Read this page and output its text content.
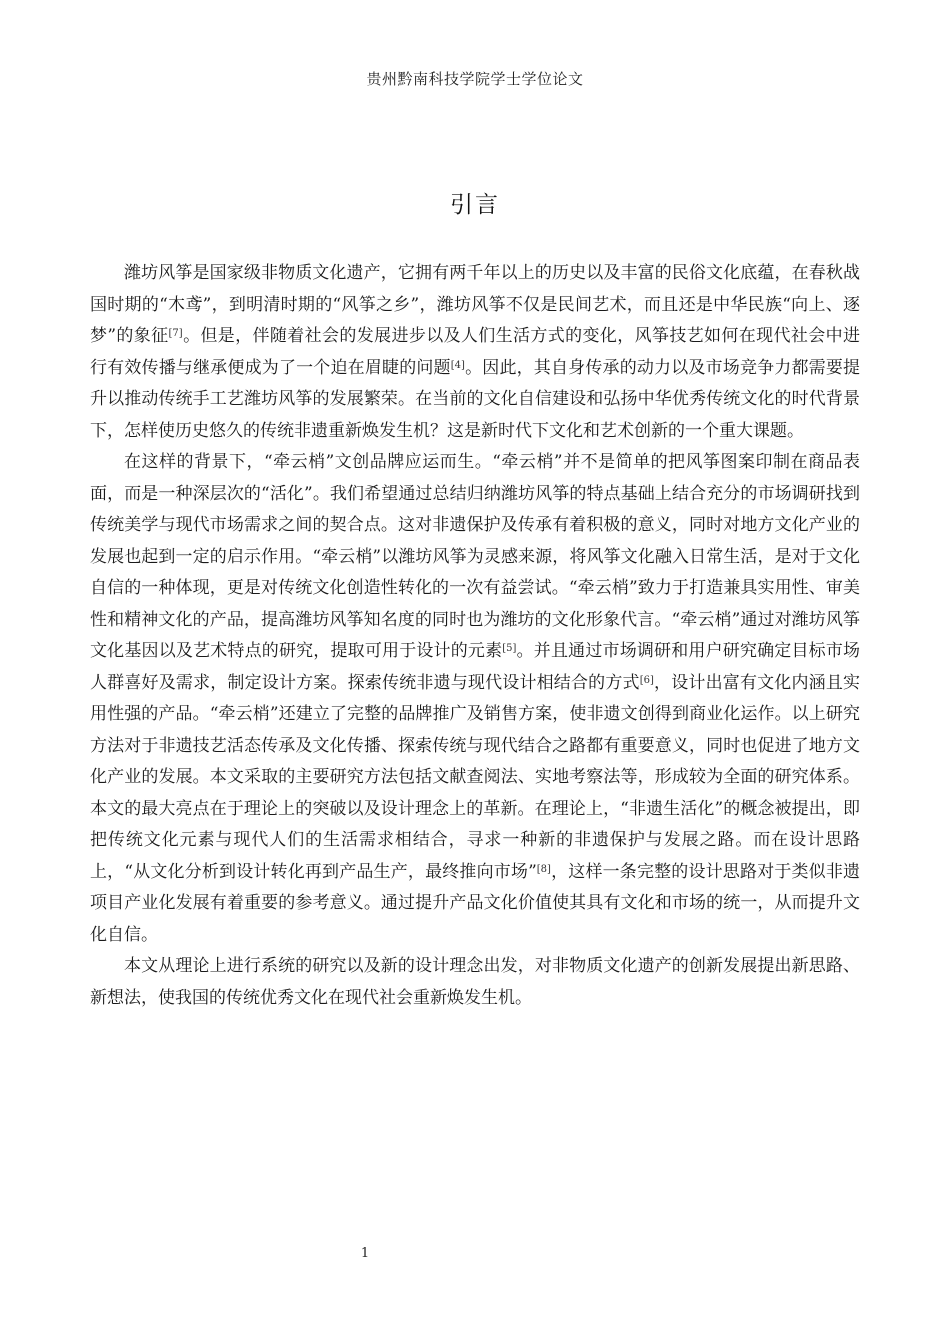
贵州黔南科技学院学士学位论文
引言

潍坊风筝是国家级非物质文化遗产，它拥有两千年以上的历史以及丰富的民俗文化底蕴，在春秋战国时期的“木鸢”，到明清时期的“风筝之乡”，潍坊风筝不仅是民间艺术，而且还是中华民族“向上、逐梦”的象征[7]。但是，伴随着社会的发展进步以及人们生活方式的变化，风筝技艺如何在现代社会中进行有效传播与继承便成为了一个迫在眉睫的问题[4]。因此，其自身传承的动力以及市场竞争力都需要提升以推动传统手工艺潍坊风筝的发展繁荣。在当前的文化自信建设和弘扬中华优秀传统文化的时代背景下，怎样使历史悠久的传统非遗重新焕发生机？这是新时代下文化和艺术创新的一个重大课题。

在这样的背景下，“牵云梢”文创品牌应运而生。“牵云梢”并不是简单的把风筝图案印制在商品表面，而是一种深层次的“活化”。我们希望通过总结归纳潍坊风筝的特点基础上结合充分的市场调研找到传统美学与现代市场需求之间的契合点。这对非遗保护及传承有着积极的意义，同时对地方文化产业的发展也起到一定的启示作用。“牵云梢”以潍坊风筝为灵感来源，将风筝文化融入日常生活，是对于文化自信的一种体现，更是对传统文化创造性转化的一次有益尝试。“牵云梢”致力于打造兼具实用性、审美性和精神文化的产品，提高潍坊风筝知名度的同时也为潍坊的文化形象代言。“牵云梢”通过对潍坊风筝文化基因以及艺术特点的研究，提取可用于设计的元素[5]。并且通过市场调研和用户研究确定目标市场人群喜好及需求，制定设计方案。探索传统非遗与现代设计相结合的方式[6]，设计出富有文化内涵且实用性强的产品。“牵云梢”还建立了完整的品牌推广及销售方案，使非遗文创得到商业化运作。以上研究方法对于非遗技艺活态传承及文化传播、探索传统与现代结合之路都有重要意义，同时也促进了地方文化产业的发展。本文采取的主要研究方法包括文献查阅法、实地考察法等，形成较为全面的研究体系。本文的最大亮点在于理论上的突破以及设计理念上的革新。在理论上，“非遗生活化”的概念被提出，即把传统文化元素与现代人们的生活需求相结合，寻求一种新的非遗保护与发展之路。而在设计思路上，“从文化分析到设计转化再到产品生产，最终推向市场”[8]，这样一条完整的设计思路对于类似非遗项目产业化发展有着重要的参考意义。通过提升产品文化价值使其具有文化和市场的统一，从而提升文化自信。

本文从理论上进行系统的研究以及新的设计理念出发，对非物质文化遗产的创新发展提出新思路、新想法，使我国的传统优秀文化在现代社会重新焕发生机。

1
